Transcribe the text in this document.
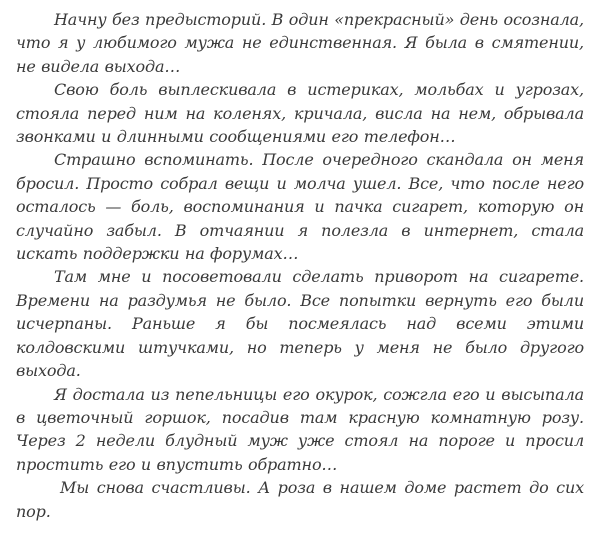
Начну без предысторий. В один «прекрасный» день осознала, что я у любимого мужа не единственная. Я была в смятении, не видела выхода…

Свою боль выплескивала в истериках, мольбах и угрозах, стояла перед ним на коленях, кричала, висла на нем, обрывала звонками и длинными сообщениями его телефон…

Страшно вспоминать. После очередного скандала он меня бросил. Просто собрал вещи и молча ушел. Все, что после него осталось — боль, воспоминания и пачка сигарет, которую он случайно забыл. В отчаянии я полезла в интернет, стала искать поддержки на форумах…

Там мне и посоветовали сделать приворот на сигарете. Времени на раздумья не было. Все попытки вернуть его были исчерпаны. Раньше я бы посмеялась над всеми этими колдовскими штучками, но теперь у меня не было другого выхода.

Я достала из пепельницы его окурок, сожгла его и высыпала в цветочный горшок, посадив там красную комнатную розу. Через 2 недели блудный муж уже стоял на пороге и просил простить его и впустить обратно…

Мы снова счастливы. А роза в нашем доме растет до сих пор.
